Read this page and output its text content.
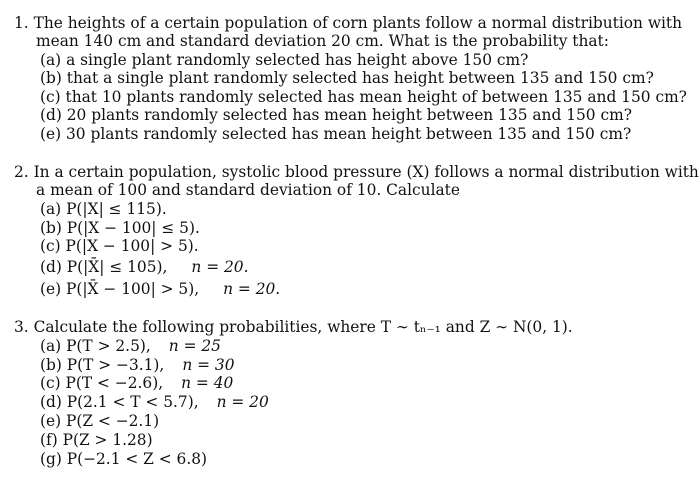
1. The heights of a certain population of corn plants follow a normal distribution with
mean 140 cm and standard deviation 20 cm. What is the probability that:
(a) a single plant randomly selected has height above 150 cm?
(b) that a single plant randomly selected has height between 135 and 150 cm?
(c) that 10 plants randomly selected has mean height of between 135 and 150 cm?
(d) 20 plants randomly selected has mean height between 135 and 150 cm?
(e) 30 plants randomly selected has mean height between 135 and 150 cm?
2. In a certain population, systolic blood pressure (X) follows a normal distribution with
a mean of 100 and standard deviation of 10. Calculate
(a) P(|X| ≤ 115).
(b) P(|X − 100| ≤ 5).
(c) P(|X − 100| > 5).
(d) P(|X̄| ≤ 105), n = 20.
(e) P(|X̄ − 100| > 5), n = 20.
3. Calculate the following probabilities, where T ∼ tₙ₋₁ and Z ∼ N(0, 1).
(a) P(T > 2.5), n = 25
(b) P(T > −3.1), n = 30
(c) P(T < −2.6), n = 40
(d) P(2.1 < T < 5.7), n = 20
(e) P(Z < −2.1)
(f) P(Z > 1.28)
(g) P(−2.1 < Z < 6.8)
